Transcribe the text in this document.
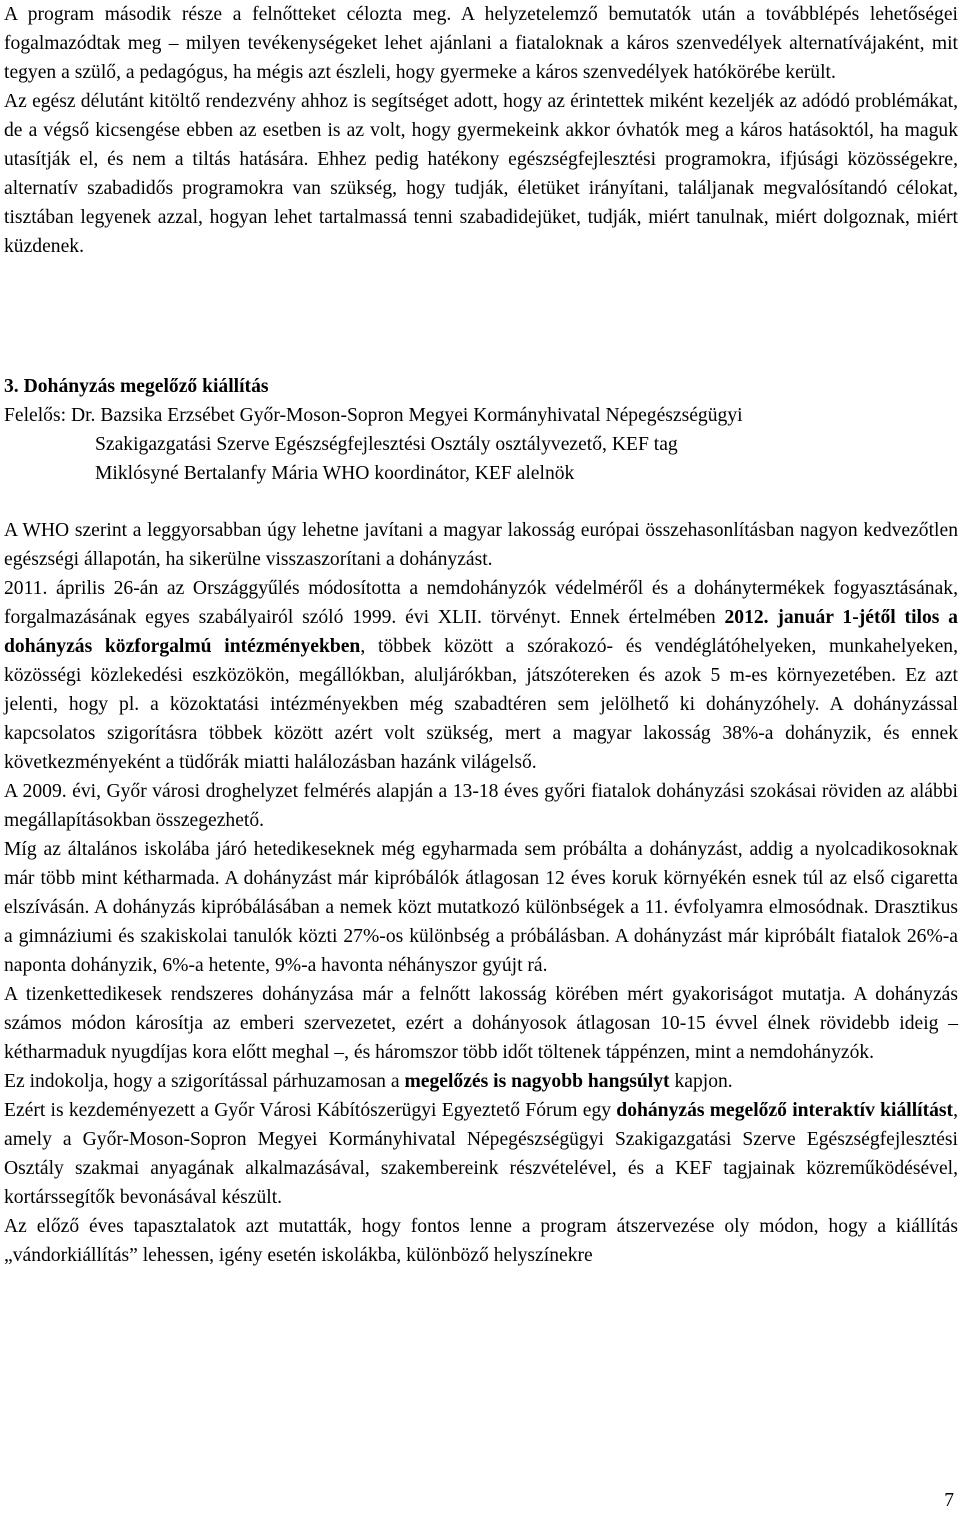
A program második része a felnőtteket célozta meg. A helyzetelemző bemutatók után a továbblépés lehetőségei fogalmazódtak meg – milyen tevékenységeket lehet ajánlani a fiataloknak a káros szenvedélyek alternatívájaként, mit tegyen a szülő, a pedagógus, ha mégis azt észleli, hogy gyermeke a káros szenvedélyek hatókörébe került.

Az egész délutánt kitöltő rendezvény ahhoz is segítséget adott, hogy az érintettek miként kezeljék az adódó problémákat, de a végső kicsengése ebben az esetben is az volt, hogy gyermekeink akkor óvhatók meg a káros hatásoktól, ha maguk utasítják el, és nem a tiltás hatására. Ehhez pedig hatékony egészségfejlesztési programokra, ifjúsági közösségekre, alternatív szabadidős programokra van szükség, hogy tudják, életüket irányítani, találjanak megvalósítandó célokat, tisztában legyenek azzal, hogyan lehet tartalmassá tenni szabadidejüket, tudják, miért tanulnak, miért dolgoznak, miért küzdenek.

3. Dohányzás megelőző kiállítás
Felelős:
Dr. Bazsika Erzsébet Győr-Moson-Sopron Megyei Kormányhivatal Népegészségügyi
Szakigazgatási Szerve Egészségfejlesztési Osztály osztályvezető, KEF tag
Miklósyné Bertalanfy Mária WHO koordinátor, KEF alelnök

A WHO szerint a leggyorsabban úgy lehetne javítani a magyar lakosság európai összehasonlításban nagyon kedvezőtlen egészségi állapotán, ha sikerülne visszaszorítani a dohányzást.

2011. április 26-án az Országgyűlés módosította a nemdohányzók védelméről és a dohánytermékek fogyasztásának, forgalmazásának egyes szabályairól szóló 1999. évi XLII. törvényt. Ennek értelmében 2012. január 1-jétől tilos a dohányzás közforgalmú intézményekben, többek között a szórakozó- és vendéglátóhelyeken, munkahelyeken, közösségi közlekedési eszközökön, megállókban, aluljárókban, játszótereken és azok 5 m-es környezetében. Ez azt jelenti, hogy pl. a közoktatási intézményekben még szabadtéren sem jelölhető ki dohányzóhely. A dohányzással kapcsolatos szigorításra többek között azért volt szükség, mert a magyar lakosság 38%-a dohányzik, és ennek következményeként a tüdőrák miatti halálozásban hazánk világelső.

A 2009. évi, Győr városi droghelyzet felmérés alapján a 13-18 éves győri fiatalok dohányzási szokásai röviden az alábbi megállapításokban összegezhető.

Míg az általános iskolába járó hetedikeseknek még egyharmada sem próbálta a dohányzást, addig a nyolcadikosoknak már több mint kétharmada. A dohányzást már kipróbálók átlagosan 12 éves koruk környékén esnek túl az első cigaretta elszívásán. A dohányzás kipróbálásában a nemek közt mutatkozó különbségek a 11. évfolyamra elmosódnak. Drasztikus a gimnáziumi és szakiskolai tanulók közti 27%-os különbség a próbálásban. A dohányzást már kipróbált fiatalok 26%-a naponta dohányzik, 6%-a hetente, 9%-a havonta néhányszor gyújt rá.

A tizenkettedikesek rendszeres dohányzása már a felnőtt lakosság körében mért gyakoriságot mutatja. A dohányzás számos módon károsítja az emberi szervezetet, ezért a dohányosok átlagosan 10-15 évvel élnek rövidebb ideig – kétharmaduk nyugdíjas kora előtt meghal –, és háromszor több időt töltenek táppénzen, mint a nemdohányzók.

Ez indokolja, hogy a szigorítással párhuzamosan a megelőzés is nagyobb hangsúlyt kapjon.

Ezért is kezdeményezett a Győr Városi Kábítószerügyi Egyeztető Fórum egy dohányzás megelőző interaktív kiállítást, amely a Győr-Moson-Sopron Megyei Kormányhivatal Népegészségügyi Szakigazgatási Szerve Egészségfejlesztési Osztály szakmai anyagának alkalmazásával, szakembereink részvételével, és a KEF tagjainak közreműködésével, kortárssegítők bevonásával készült.

Az előző éves tapasztalatok azt mutatták, hogy fontos lenne a program átszervezése oly módon, hogy a kiállítás „vándorkiállítás” lehessen, igény esetén iskolákba, különböző helyszínekre

7
